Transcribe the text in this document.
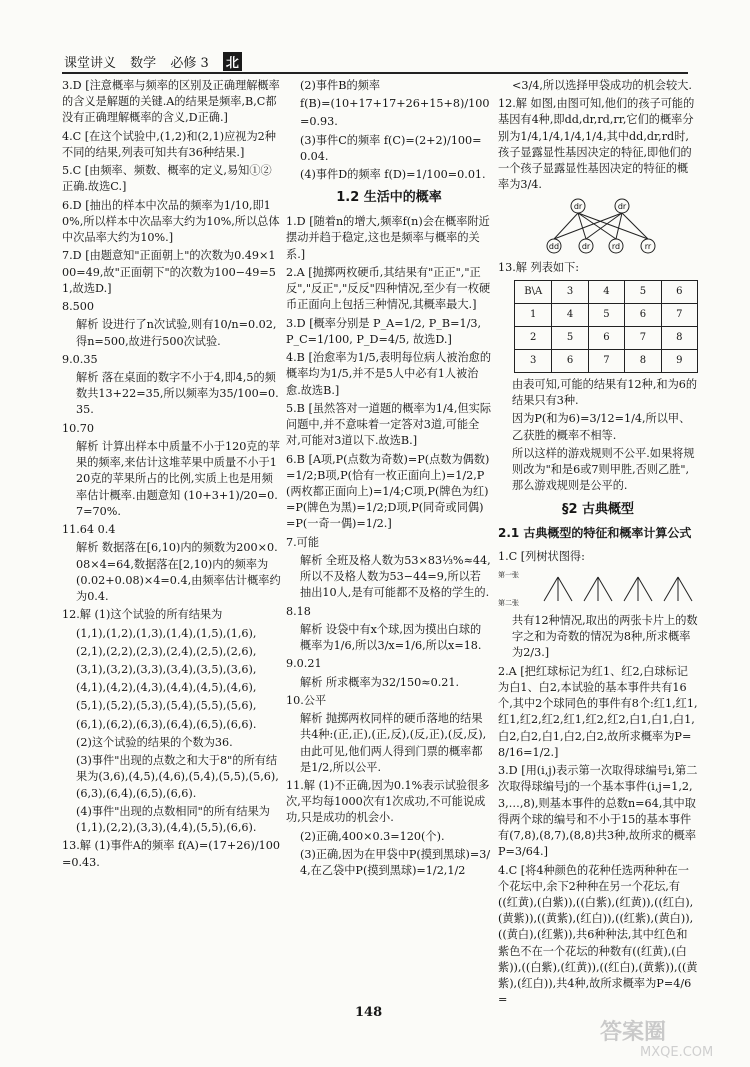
课堂讲义 数学 必修 3 北

3.D [注意概率与频率的区别及正确理解概率的含义是解题的关键.A的结果是频率,B,C都没有正确理解概率的含义,D正确.]

4.C [在这个试验中,(1,2)和(2,1)应视为2种不同的结果,列表可知共有36种结果.]

5.C [由频率、频数、概率的定义,易知①②正确.故选C.]

6.D [抽出的样本中次品的频率为1/10,即10%,所以样本中次品率大约为10%,所以总体中次品率大约为10%.]

7.D [由题意知"正面朝上"的次数为0.49×100=49,故"正面朝下"的次数为100−49=51,故选D.]

8.500

解析 设进行了n次试验,则有10/n=0.02,得n=500,故进行500次试验.

9.0.35

解析 落在桌面的数字不小于4,即4,5的频数共13+22=35,所以频率为35/100=0.35.

10.70

解析 计算出样本中质量不小于120克的苹果的频率,来估计这堆苹果中质量不小于120克的苹果所占的比例,实质上也是用频率估计概率.由题意知 (10+3+1)/20=0.7=70%.

11.64 0.4

解析 数据落在[6,10)内的频数为200×0.08×4=64,数据落在[2,10)内的频率为(0.02+0.08)×4=0.4,由频率估计概率约为0.4.

12.解 (1)这个试验的所有结果为

(1,1),(1,2),(1,3),(1,4),(1,5),(1,6),

(2,1),(2,2),(2,3),(2,4),(2,5),(2,6),

(3,1),(3,2),(3,3),(3,4),(3,5),(3,6),

(4,1),(4,2),(4,3),(4,4),(4,5),(4,6),

(5,1),(5,2),(5,3),(5,4),(5,5),(5,6),

(6,1),(6,2),(6,3),(6,4),(6,5),(6,6).

(2)这个试验的结果的个数为36.

(3)事件"出现的点数之和大于8"的所有结果为(3,6),(4,5),(4,6),(5,4),(5,5),(5,6),(6,3),(6,4),(6,5),(6,6).

(4)事件"出现的点数相同"的所有结果为(1,1),(2,2),(3,3),(4,4),(5,5),(6,6).

13.解 (1)事件A的频率 f(A)=(17+26)/100 =0.43.

(2)事件B的频率

f(B)=(10+17+17+26+15+8)/100

=0.93.

(3)事件C的频率 f(C)=(2+2)/100=0.04.

(4)事件D的频率 f(D)=1/100=0.01.

1.2 生活中的概率

1.D [随着n的增大,频率f(n)会在概率附近摆动并趋于稳定,这也是频率与概率的关系.]

2.A [抛掷两枚硬币,其结果有"正正","正反","反正","反反"四种情况,至少有一枚硬币正面向上包括三种情况,其概率最大.]

3.D [概率分别是 P_A=1/2, P_B=1/3, P_C=1/100, P_D=4/5, 故选D.]

4.B [治愈率为1/5,表明每位病人被治愈的概率均为1/5,并不是5人中必有1人被治愈.故选B.]

5.B [虽然答对一道题的概率为1/4,但实际问题中,并不意味着一定答对3道,可能全对,可能对3道以下.故选B.]

6.B [A项,P(点数为奇数)=P(点数为偶数)=1/2;B项,P(恰有一枚正面向上)=1/2,P(两枚都正面向上)=1/4;C项,P(牌色为红)=P(牌色为黑)=1/2;D项,P(同奇或同偶)=P(一奇一偶)=1/2.]

7.可能

解析 全班及格人数为53×83⅓%≈44,所以不及格人数为53−44=9,所以若抽出10人,是有可能都不及格的学生的.

8.18

解析 设袋中有x个球,因为摸出白球的概率为1/6,所以3/x=1/6,所以x=18.

9.0.21

解析 所求概率为32/150≈0.21.

10.公平

解析 抛掷两枚同样的硬币落地的结果共4种:(正,正),(正,反),(反,正),(反,反),由此可见,他们两人得到门票的概率都是1/2,所以公平.

11.解 (1)不正确,因为0.1%表示试验很多次,平均每1000次有1次成功,不可能说成功,只是成功的机会小.

(2)正确,400×0.3=120(个).

(3)正确,因为在甲袋中P(摸到黑球)=3/4,在乙袋中P(摸到黑球)=1/2,1/2

<3/4,所以选择甲袋成功的机会较大.

12.解 如图,由图可知,他们的孩子可能的基因有4种,即dd,dr,rd,rr,它们的概率分别为1/4,1/4,1/4,1/4,其中dd,dr,rd时,孩子显露显性基因决定的特征,即他们的一个孩子显露显性基因决定的特征的概率为3/4.

dr	dr
dd	dr	rd	rr

13.解 列表如下:

B\A	3	4	5	6
1	4	5	6	7
2	5	6	7	8
3	6	7	8	9

由表可知,可能的结果有12种,和为6的结果只有3种.

因为P(和为6)=3/12=1/4,所以甲、乙获胜的概率不相等.

所以这样的游戏规则不公平.如果将规则改为"和是6或7则甲胜,否则乙胜",那么游戏规则是公平的.

§2 古典概型
2.1 古典概型的特征和概率计算公式

1.C [列树状图得:

第一张
第二张

共有12种情况,取出的两张卡片上的数字之和为奇数的情况为8种,所求概率为2/3.]

2.A [把红球标记为红1、红2,白球标记为白1、白2,本试验的基本事件共有16个,其中2个球同色的事件有8个:红1,红1,红1,红2,红2,红1,红2,红2,白1,白1,白1,白2,白2,白1,白2,白2,故所求概率为P=8/16=1/2.]

3.D [用(i,j)表示第一次取得球编号i,第二次取得球编号j的一个基本事件(i,j=1,2,3,…,8),则基本事件的总数n=64,其中取得两个球的编号和不小于15的基本事件有(7,8),(8,7),(8,8)共3种,故所求的概率P=3/64.]

4.C [将4种颜色的花种任选两种种在一个花坛中,余下2种种在另一个花坛,有((红黄),(白紫)),((白紫),(红黄)),((红白),(黄紫)),((黄紫),(红白)),((红紫),(黄白)),((黄白),(红紫)),共6种种法,其中红色和紫色不在一个花坛的种数有((红黄),(白紫)),((白紫),(红黄)),((红白),(黄紫)),((黄紫),(红白)),共4种,故所求概率为P=4/6=

148
答案圈
MXQE.COM
